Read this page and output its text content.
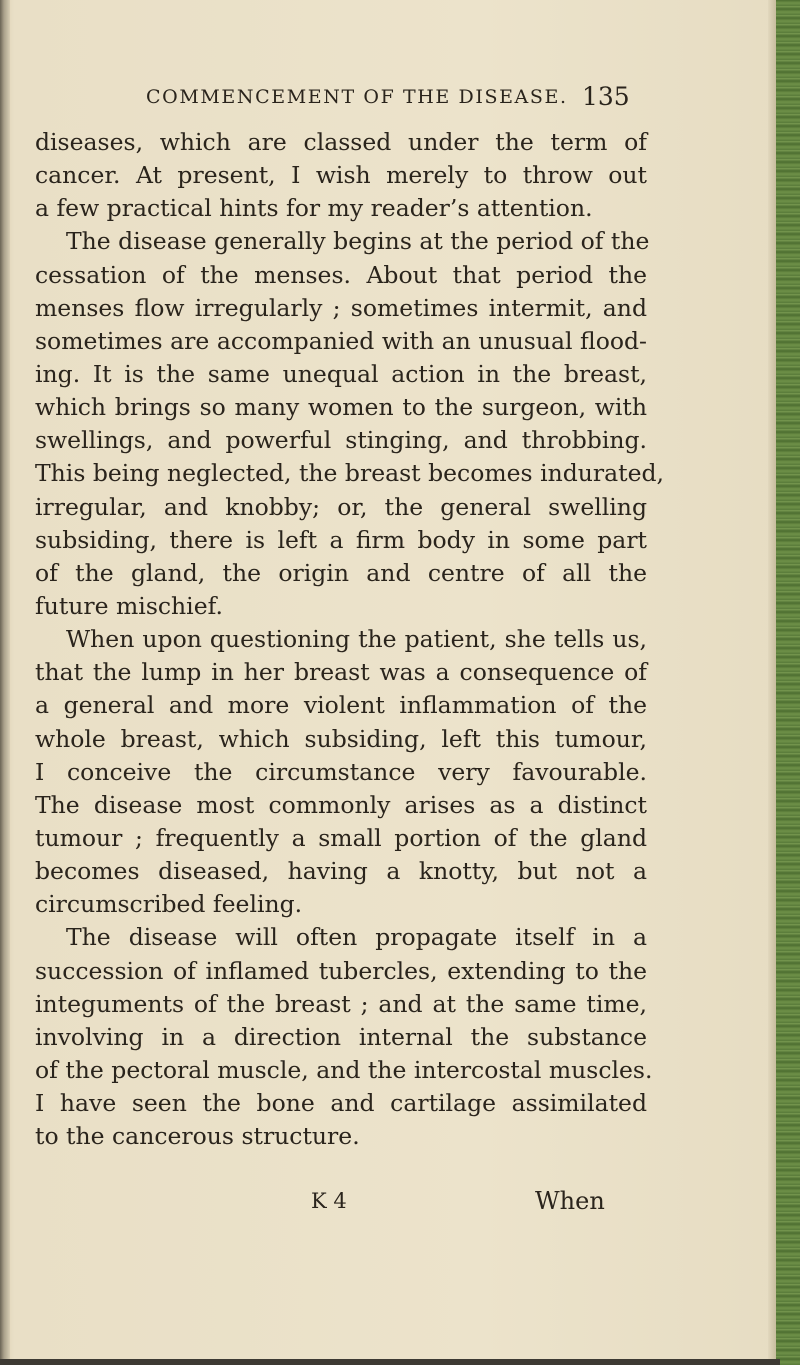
COMMENCEMENT OF THE DISEASE. 135
diseases, which are classed under the term of
cancer. At present, I wish merely to throw out
a few practical hints for my reader’s attention.
The disease generally begins at the period of the
cessation of the menses. About that period the
menses flow irregularly ; sometimes intermit, and
sometimes are accompanied with an unusual flood-
ing. It is the same unequal action in the breast,
which brings so many women to the surgeon, with
swellings, and powerful stinging, and throbbing.
This being neglected, the breast becomes indurated,
irregular, and knobby; or, the general swelling
subsiding, there is left a firm body in some part
of the gland, the origin and centre of all the
future mischief.
When upon questioning the patient, she tells us,
that the lump in her breast was a consequence of
a general and more violent inflammation of the
whole breast, which subsiding, left this tumour,
I conceive the circumstance very favourable.
The disease most commonly arises as a distinct
tumour ; frequently a small portion of the gland
becomes diseased, having a knotty, but not a
circumscribed feeling.
The disease will often propagate itself in a
succession of inflamed tubercles, extending to the
integuments of the breast ; and at the same time,
involving in a direction internal the substance
of the pectoral muscle, and the intercostal muscles.
I have seen the bone and cartilage assimilated
to the cancerous structure.
K 4	When
